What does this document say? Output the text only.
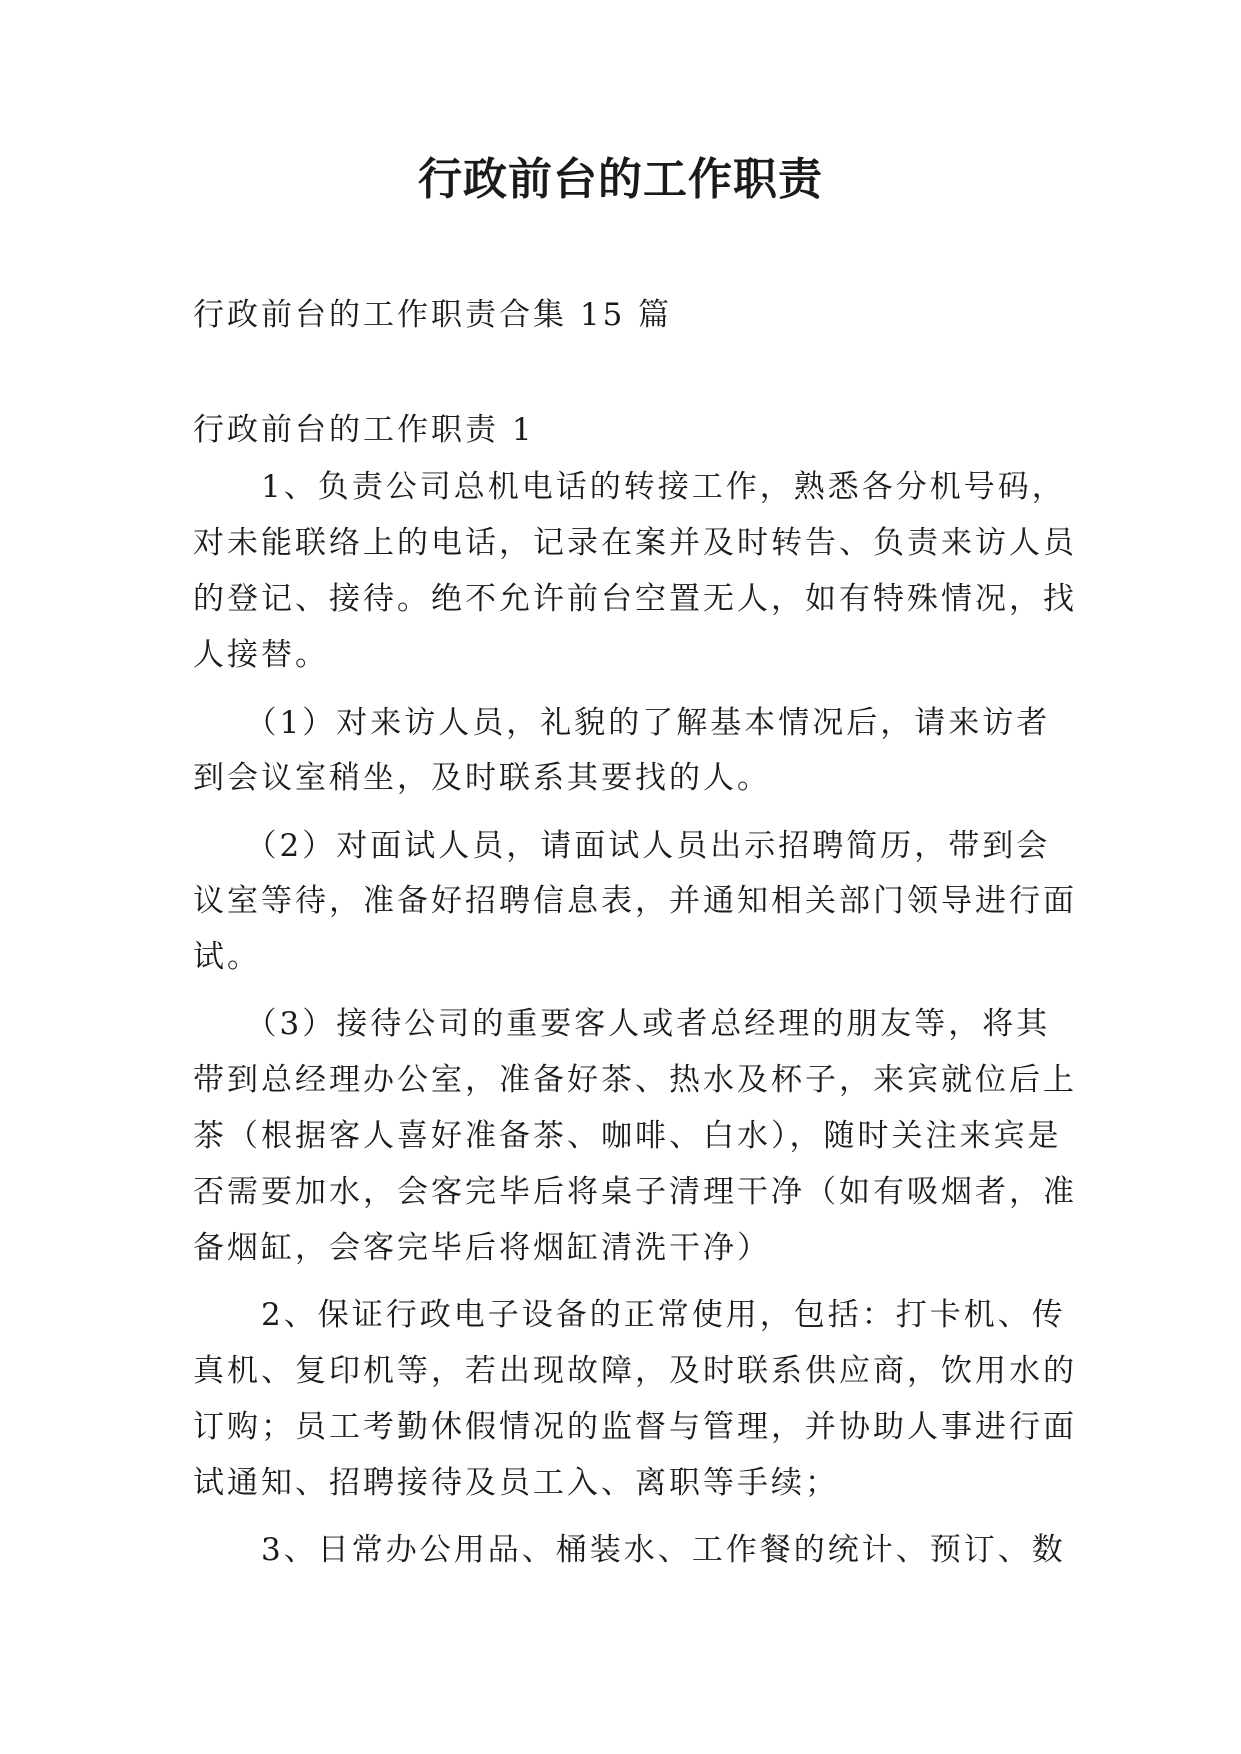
行政前台的工作职责
行政前台的工作职责合集 15 篇
行政前台的工作职责 1
　　1、负责公司总机电话的转接工作，熟悉各分机号码，
对未能联络上的电话，记录在案并及时转告、负责来访人员
的登记、接待。绝不允许前台空置无人，如有特殊情况，找
人接替。
　　（1）对来访人员，礼貌的了解基本情况后，请来访者
到会议室稍坐，及时联系其要找的人。
　　（2）对面试人员，请面试人员出示招聘简历，带到会
议室等待，准备好招聘信息表，并通知相关部门领导进行面
试。
　　（3）接待公司的重要客人或者总经理的朋友等，将其
带到总经理办公室，准备好茶、热水及杯子，来宾就位后上
茶（根据客人喜好准备茶、咖啡、白水），随时关注来宾是
否需要加水，会客完毕后将桌子清理干净（如有吸烟者，准
备烟缸，会客完毕后将烟缸清洗干净）
　　2、保证行政电子设备的正常使用，包括：打卡机、传
真机、复印机等，若出现故障，及时联系供应商，饮用水的
订购；员工考勤休假情况的监督与管理，并协助人事进行面
试通知、招聘接待及员工入、离职等手续；
　　3、日常办公用品、桶装水、工作餐的统计、预订、数
